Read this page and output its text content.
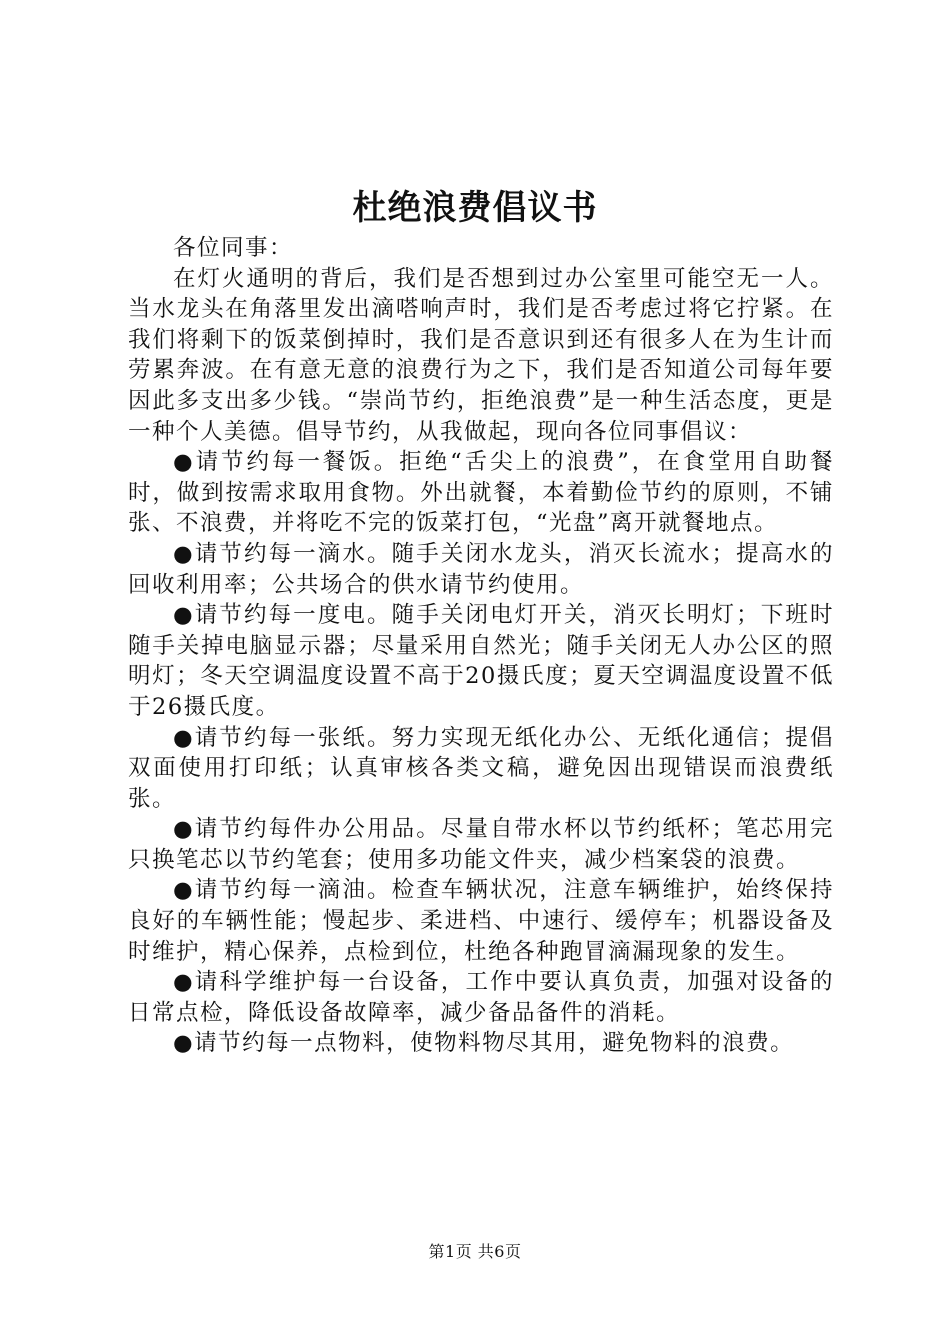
杜绝浪费倡议书

各位同事：

在灯火通明的背后，我们是否想到过办公室里可能空无一人。当水龙头在角落里发出滴嗒响声时，我们是否考虑过将它拧紧。在我们将剩下的饭菜倒掉时，我们是否意识到还有很多人在为生计而劳累奔波。在有意无意的浪费行为之下，我们是否知道公司每年要因此多支出多少钱。“崇尚节约，拒绝浪费”是一种生活态度，更是一种个人美德。倡导节约，从我做起，现向各位同事倡议：

●请节约每一餐饭。拒绝“舌尖上的浪费”，在食堂用自助餐时，做到按需求取用食物。外出就餐，本着勤俭节约的原则，不铺张、不浪费，并将吃不完的饭菜打包，“光盘”离开就餐地点。

●请节约每一滴水。随手关闭水龙头，消灭长流水；提高水的回收利用率；公共场合的供水请节约使用。

●请节约每一度电。随手关闭电灯开关，消灭长明灯；下班时随手关掉电脑显示器；尽量采用自然光；随手关闭无人办公区的照明灯；冬天空调温度设置不高于20摄氏度；夏天空调温度设置不低于26摄氏度。

●请节约每一张纸。努力实现无纸化办公、无纸化通信；提倡双面使用打印纸；认真审核各类文稿，避免因出现错误而浪费纸张。

●请节约每件办公用品。尽量自带水杯以节约纸杯；笔芯用完只换笔芯以节约笔套；使用多功能文件夹，减少档案袋的浪费。

●请节约每一滴油。检查车辆状况，注意车辆维护，始终保持良好的车辆性能；慢起步、柔进档、中速行、缓停车；机器设备及时维护，精心保养，点检到位，杜绝各种跑冒滴漏现象的发生。

●请科学维护每一台设备，工作中要认真负责，加强对设备的日常点检，降低设备故障率，减少备品备件的消耗。

●请节约每一点物料，使物料物尽其用，避免物料的浪费。

第1页 共6页
